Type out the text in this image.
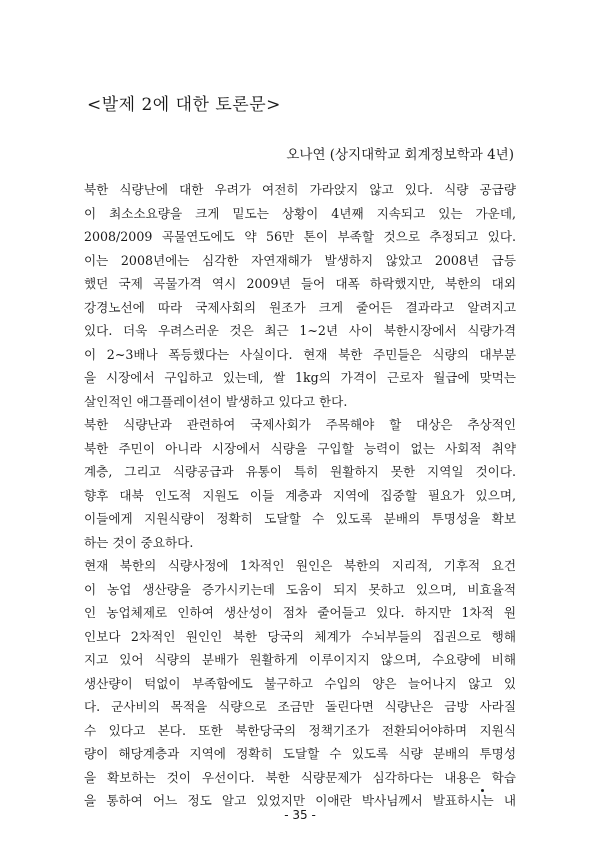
<발제 2에 대한 토론문>
오나연 (상지대학교 회계정보학과 4년)
북한 식량난에 대한 우려가 여전히 가라앉지 않고 있다. 식량 공급량
이 최소소요량을 크게 밑도는 상황이 4년째 지속되고 있는 가운데,
2008/2009 곡물연도에도 약 56만 톤이 부족할 것으로 추정되고 있다.
이는 2008년에는 심각한 자연재해가 발생하지 않았고 2008년 급등
했던 국제 곡물가격 역시 2009년 들어 대폭 하락했지만, 북한의 대외
강경노선에 따라 국제사회의 원조가 크게 줄어든 결과라고 알려지고
있다. 더욱 우려스러운 것은 최근 1~2년 사이 북한시장에서 식량가격
이 2~3배나 폭등했다는 사실이다. 현재 북한 주민들은 식량의 대부분
을 시장에서 구입하고 있는데, 쌀 1kg의 가격이 근로자 월급에 맞먹는
살인적인 애그플레이션이 발생하고 있다고 한다.
북한 식량난과 관련하여 국제사회가 주목해야 할 대상은 추상적인
북한 주민이 아니라 시장에서 식량을 구입할 능력이 없는 사회적 취약
계층, 그리고 식량공급과 유통이 특히 원활하지 못한 지역일 것이다.
향후 대북 인도적 지원도 이들 계층과 지역에 집중할 필요가 있으며,
이들에게 지원식량이 정확히 도달할 수 있도록 분배의 투명성을 확보
하는 것이 중요하다.
현재 북한의 식량사정에 1차적인 원인은 북한의 지리적, 기후적 요건
이 농업 생산량을 증가시키는데 도움이 되지 못하고 있으며, 비효율적
인 농업체제로 인하여 생산성이 점차 줄어들고 있다. 하지만 1차적 원
인보다 2차적인 원인인 북한 당국의 체계가 수뇌부들의 집권으로 행해
지고 있어 식량의 분배가 원활하게 이루이지지 않으며, 수요량에 비해
생산량이 턱없이 부족함에도 불구하고 수입의 양은 늘어나지 않고 있
다. 군사비의 목적을 식량으로 조금만 돌린다면 식량난은 금방 사라질
수 있다고 본다. 또한 북한당국의 정책기조가 전환되어야하며 지원식
량이 해당계층과 지역에 정확히 도달할 수 있도록 식량 분배의 투명성
을 확보하는 것이 우선이다. 북한 식량문제가 심각하다는 내용은 학습
을 통하여 어느 정도 알고 있었지만 이애란 박사님께서 발표하시는 내
- 35 -
